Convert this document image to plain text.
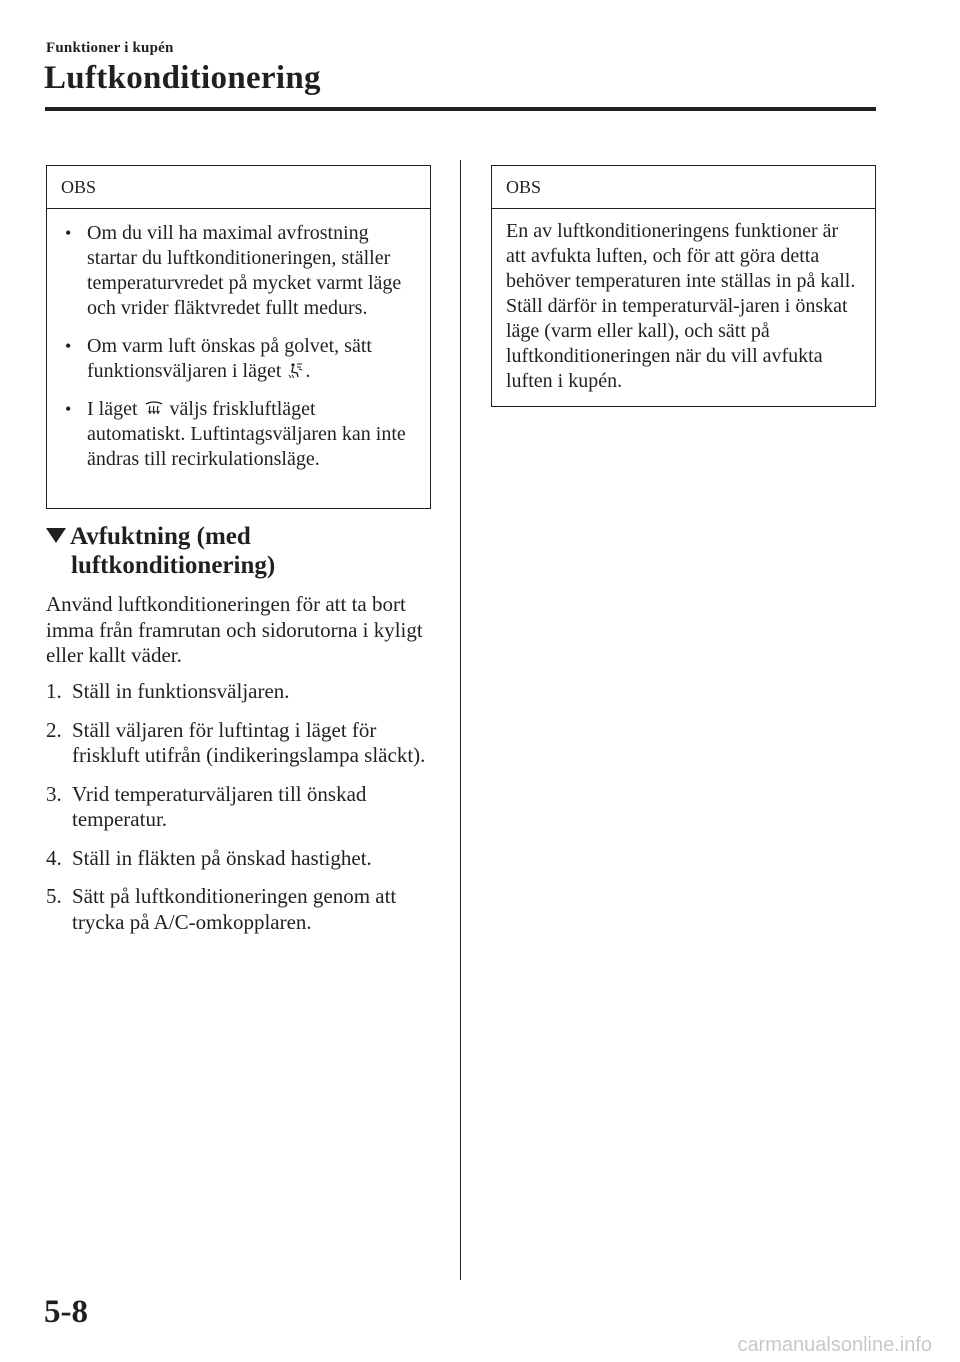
Funktioner i kupén
Luftkonditionering
OBS
• Om du vill ha maximal avfrostning startar du luftkonditioneringen, ställer temperaturvredet på mycket varmt läge och vrider fläktvredet fullt medurs.
• Om varm luft önskas på golvet, sätt funktionsväljaren i läget .
• I läget väljs friskluftläget automatiskt. Luftintagsväljaren kan inte ändras till recirkulationsläge.
Avfuktning (med
luftkonditionering)
Använd luftkonditioneringen för att ta bort imma från framrutan och sidorutorna i kyligt eller kallt väder.
1. Ställ in funktionsväljaren.
2. Ställ väljaren för luftintag i läget för friskluft utifrån (indikeringslampa släckt).
3. Vrid temperaturväljaren till önskad temperatur.
4. Ställ in fläkten på önskad hastighet.
5. Sätt på luftkonditioneringen genom att trycka på A/C-omkopplaren.
OBS
En av luftkonditioneringens funktioner är att avfukta luften, och för att göra detta behöver temperaturen inte ställas in på kall. Ställ därför in temperaturväl-jaren i önskat läge (varm eller kall), och sätt på luftkonditioneringen när du vill avfukta luften i kupén.
5-8
carmanualsonline.info
